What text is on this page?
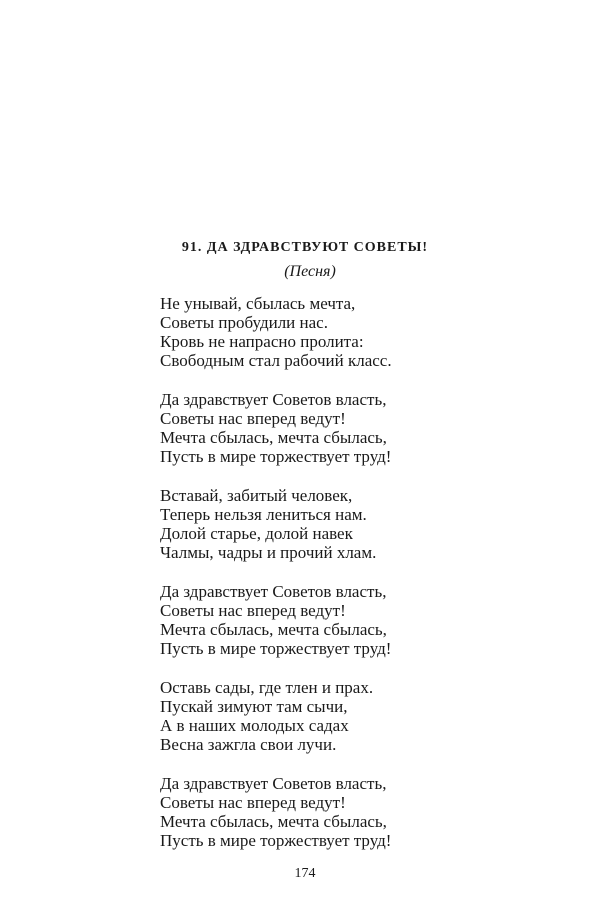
91. ДА ЗДРАВСТВУЮТ СОВЕТЫ!
(Песня)
Не унывай, сбылась мечта,
Советы пробудили нас.
Кровь не напрасно пролита:
Свободным стал рабочий класс.
Да здравствует Советов власть,
Советы нас вперед ведут!
Мечта сбылась, мечта сбылась,
Пусть в мире торжествует труд!
Вставай, забитый человек,
Теперь нельзя лениться нам.
Долой старье, долой навек
Чалмы, чадры и прочий хлам.
Да здравствует Советов власть,
Советы нас вперед ведут!
Мечта сбылась, мечта сбылась,
Пусть в мире торжествует труд!
Оставь сады, где тлен и прах.
Пускай зимуют там сычи,
А в наших молодых садах
Весна зажгла свои лучи.
Да здравствует Советов власть,
Советы нас вперед ведут!
Мечта сбылась, мечта сбылась,
Пусть в мире торжествует труд!
174
